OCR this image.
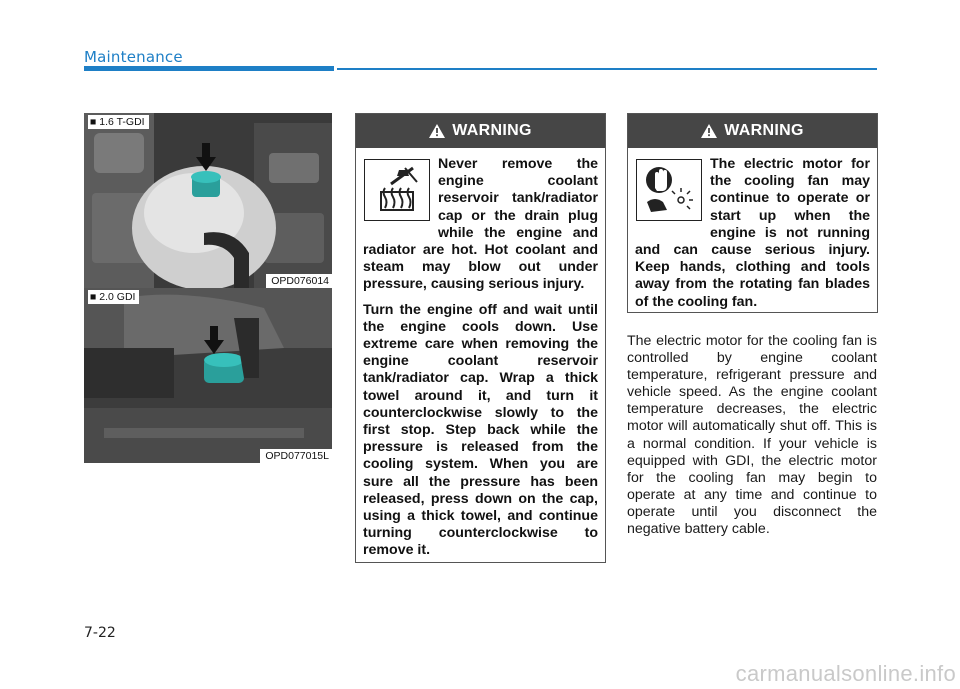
Maintenance
■ 1.6 T-GDI
OPD076014
■ 2.0 GDI
OPD077015L
WARNING

Never remove the engine coolant reservoir tank/radiator cap or the drain plug while the engine and radiator are hot. Hot coolant and steam may blow out under pressure, causing serious injury.

Turn the engine off and wait until the engine cools down. Use extreme care when removing the engine coolant reservoir tank/radiator cap. Wrap a thick towel around it, and turn it counterclockwise slowly to the first stop. Step back while the pressure is released from the cooling system. When you are sure all the pressure has been released, press down on the cap, using a thick towel, and continue turning counterclockwise to remove it.

WARNING

The electric motor for the cooling fan may continue to operate or start up when the engine is not running and can cause serious injury. Keep hands, clothing and tools away from the rotating fan blades of the cooling fan.

The electric motor for the cooling fan is controlled by engine coolant temperature, refrigerant pressure and vehicle speed. As the engine coolant temperature decreases, the electric motor will automatically shut off. This is a normal condition. If your vehicle is equipped with GDI, the electric motor for the cooling fan may begin to operate at any time and continue to operate until you disconnect the negative battery cable.
7-22
carmanualsonline.info
